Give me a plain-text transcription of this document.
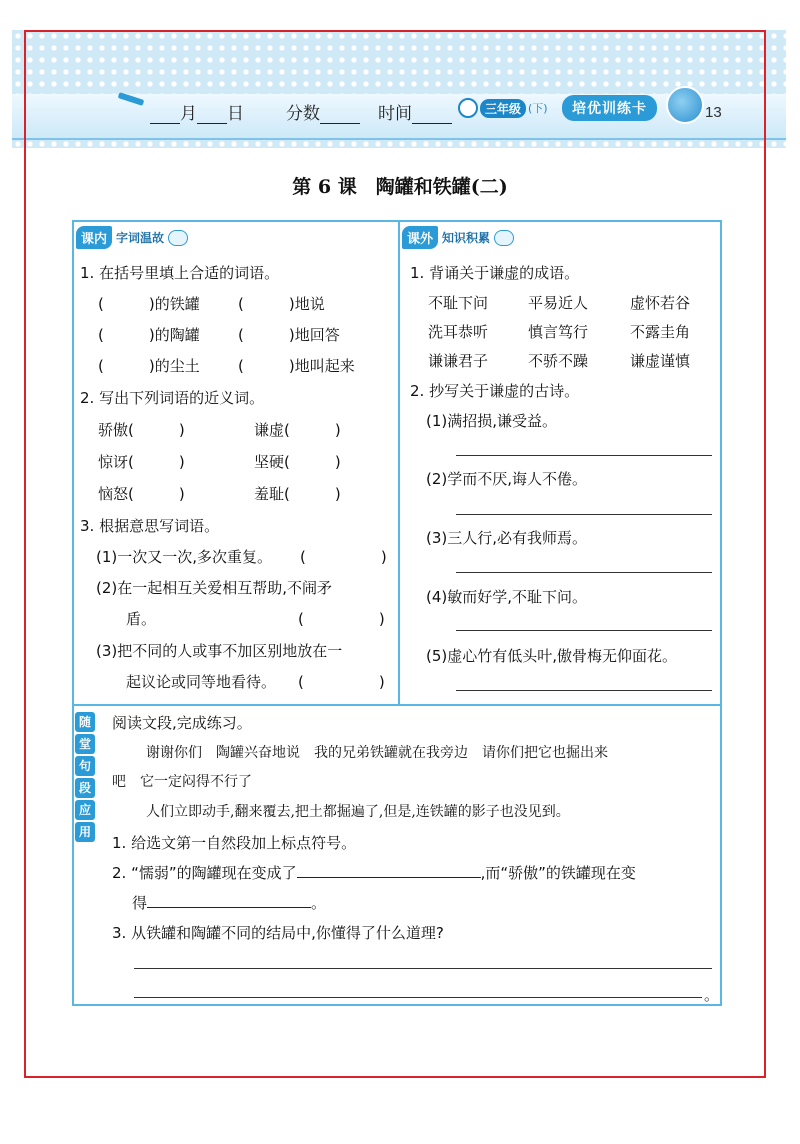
月 日 分数	时间	三年级 (下)	培优训练卡	13
第 6 课　陶罐和铁罐(二)
课内 字词温故
1. 在括号里填上合适的词语。
(　　　)的铁罐	(　　　)地说
(　　　)的陶罐	(　　　)地回答
(　　　)的尘土	(　　　)地叫起来
2. 写出下列词语的近义词。
骄傲(　　　)	谦虚(　　　)
惊讶(　　　)	坚硬(　　　)
恼怒(　　　)	羞耻(　　　)
3. 根据意思写词语。
(1)一次又一次,多次重复。 (　　　　　)
(2)在一起相互关爱相互帮助,不闹矛
盾。	(　　　　　)
(3)把不同的人或事不加区别地放在一
起议论或同等地看待。 (　　　　　)
课外 知识积累
1. 背诵关于谦虚的成语。
不耻下问	平易近人	虚怀若谷
洗耳恭听	慎言笃行	不露圭角
谦谦君子	不骄不躁	谦虚谨慎
2. 抄写关于谦虚的古诗。
(1)满招损,谦受益。
(2)学而不厌,诲人不倦。
(3)三人行,必有我师焉。
(4)敏而好学,不耻下问。
(5)虚心竹有低头叶,傲骨梅无仰面花。
随
堂
句
段
应
用
阅读文段,完成练习。
谢谢你们　陶罐兴奋地说　我的兄弟铁罐就在我旁边　请你们把它也掘出来
吧　它一定闷得不行了
人们立即动手,翻来覆去,把土都掘遍了,但是,连铁罐的影子也没见到。
1. 给选文第一自然段加上标点符号。
2. “懦弱”的陶罐现在变成了	,而“骄傲”的铁罐现在变
得	。
3. 从铁罐和陶罐不同的结局中,你懂得了什么道理?
。
